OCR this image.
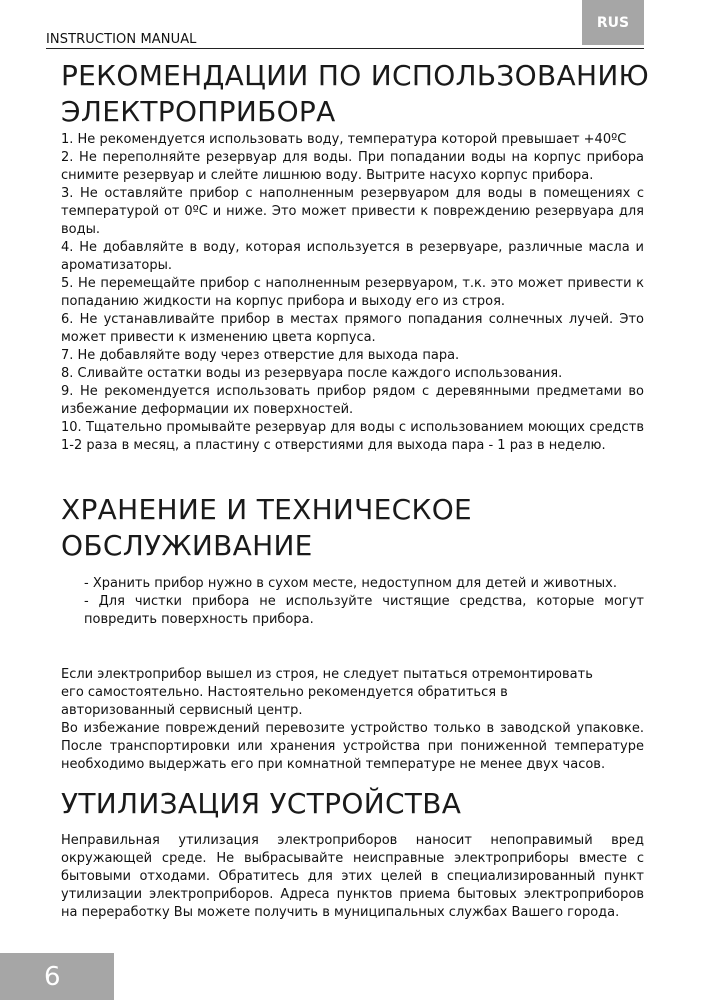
RUS
INSTRUCTION MANUAL
РЕКОМЕНДАЦИИ ПО ИСПОЛЬЗОВАНИЮ
ЭЛЕКТРОПРИБОРА

1. Не рекомендуется использовать воду, температура которой превышает +40ºС

2. Не переполняйте резервуар для воды. При попадании воды на корпус прибора снимите резервуар и слейте лишнюю воду. Вытрите насухо корпус прибора.

3. Не оставляйте прибор с наполненным резервуаром для воды в помещениях с температурой от 0ºС и ниже. Это может привести к повреждению резервуара для воды.

4. Не добавляйте в воду, которая используется в резервуаре, различные масла и ароматизаторы.

5. Не перемещайте прибор с наполненным резервуаром, т.к. это может привести к попаданию жидкости на корпус прибора и выходу его из строя.

6. Не устанавливайте прибор в местах прямого попадания солнечных лучей. Это может привести к изменению цвета корпуса.

7. Не добавляйте воду через отверстие для выхода пара.

8. Сливайте остатки воды из резервуара после каждого использования.

9. Не рекомендуется использовать прибор рядом с деревянными предметами во избежание деформации их поверхностей.

10. Тщательно промывайте резервуар для воды с использованием моющих средств 1-2 раза в месяц, а пластину с отверстиями для выхода пара - 1 раз в неделю.

ХРАНЕНИЕ И ТЕХНИЧЕСКОЕ
ОБСЛУЖИВАНИЕ

- Хранить прибор нужно в сухом месте, недоступном для детей и животных.

- Для чистки прибора не используйте чистящие средства, которые могут повредить поверхность прибора.

Если электроприбор вышел из строя, не следует пытаться отремонтировать
его самостоятельно. Настоятельно рекомендуется обратиться в
авторизованный сервисный центр.

Во избежание повреждений перевозите устройство только в заводской упаковке. После транспортировки или хранения устройства при пониженной температуре необходимо выдержать его при комнатной температуре не менее двух часов.

УТИЛИЗАЦИЯ УСТРОЙСТВА

Неправильная утилизация электроприборов наносит непоправимый вред окружающей среде. Не выбрасывайте неисправные электроприборы вместе с бытовыми отходами. Обратитесь для этих целей в специализированный пункт утилизации электроприборов. Адреса пунктов приема бытовых электроприборов на переработку Вы можете получить в муниципальных службах Вашего города.

6
